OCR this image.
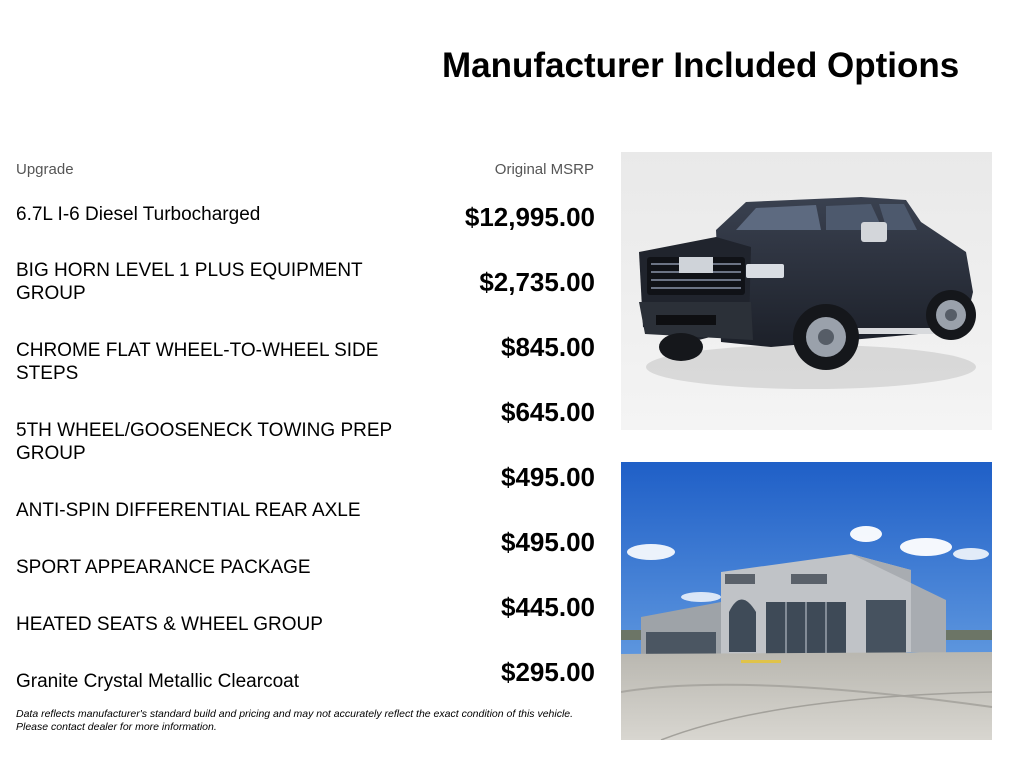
Manufacturer Included Options
Upgrade	Original MSRP
6.7L I-6 Diesel Turbocharged
BIG HORN LEVEL 1 PLUS EQUIPMENT GROUP
CHROME FLAT WHEEL-TO-WHEEL SIDE STEPS
5TH WHEEL/GOOSENECK TOWING PREP GROUP
ANTI-SPIN DIFFERENTIAL REAR AXLE
SPORT APPEARANCE PACKAGE
HEATED SEATS & WHEEL GROUP
Granite Crystal Metallic Clearcoat
$12,995.00
$2,735.00
$845.00
$645.00
$495.00
$495.00
$445.00
$295.00
Data reflects manufacturer's standard build and pricing and may not accurately reflect the exact condition of this vehicle. Please contact dealer for more information.
